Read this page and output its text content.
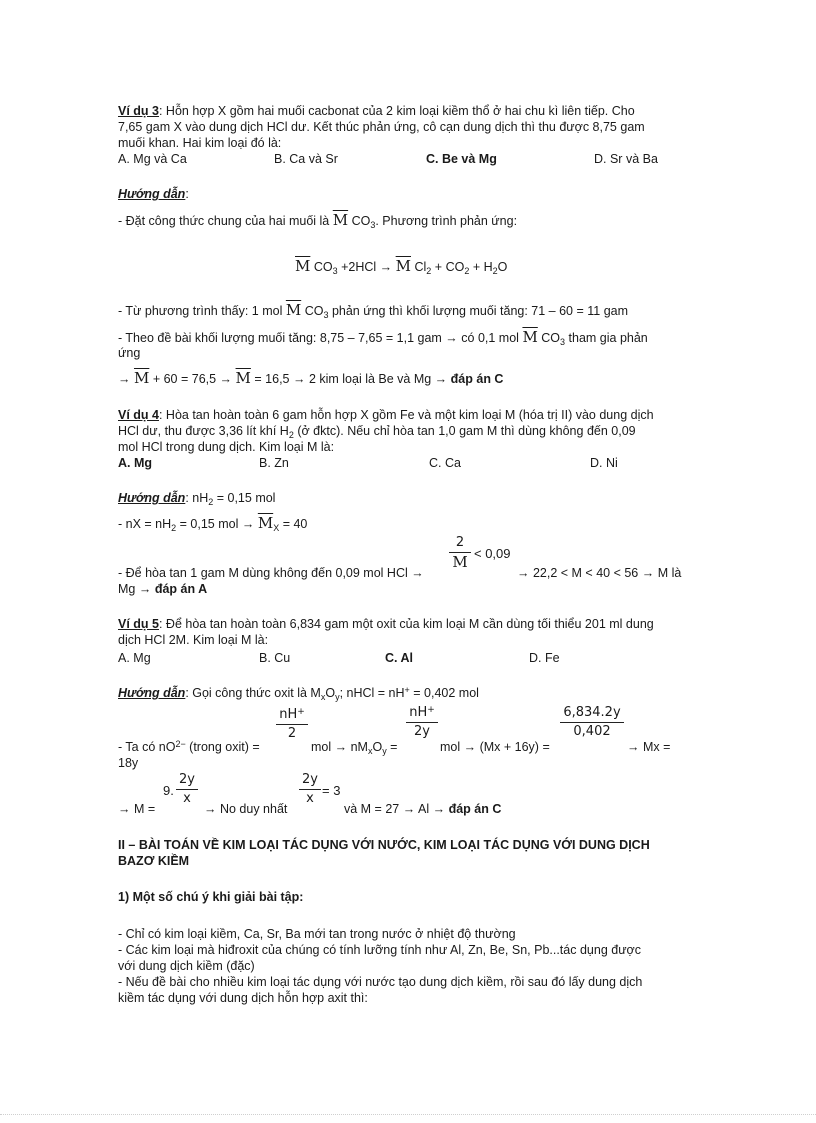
Ví dụ 3: Hỗn hợp X gồm hai muối cacbonat của 2 kim loại kiềm thổ ở hai chu kì liên tiếp. Cho
7,65 gam X vào dung dịch HCl dư. Kết thúc phản ứng, cô cạn dung dịch thì thu được 8,75 gam
muối khan. Hai kim loại đó là:
A. Mg và Ca	B. Ca và Sr	C. Be và Mg	D. Sr và Ba
Hướng dẫn:
- Đặt công thức chung của hai muối là $\overline{M}$ $CO_3$. Phương trình phản ứng:
$\overline{M}$ $CO_3 +2HCl \to \overline{M}$ $Cl_2 + CO_2 + H_2O$
- Từ phương trình thấy: 1 mol $\overline{M}$ $CO_3$ phản ứng thì khối lượng muối tăng: 71 – 60 = 11 gam
- Theo đề bài khối lượng muối tăng: 8,75 – 7,65 = 1,1 gam → có 0,1 mol $\overline{M}$ $CO_3$ tham gia phản
ứng
→ $\overline{M} + 60 = 76,5 \to \overline{M} = 16,5 \to 2$ kim loại là Be và Mg → đáp án C
Ví dụ 4: Hòa tan hoàn toàn 6 gam hỗn hợp X gồm Fe và một kim loại M (hóa trị II) vào dung dịch
HCl dư, thu được 3,36 lít khí $H_2$ (ở đktc). Nếu chỉ hòa tan 1,0 gam M thì dùng không đến 0,09
mol HCl trong dung dịch. Kim loại M là:
A. Mg	B. Zn	C. Ca	D. Ni
Hướng dẫn: $nH_2 = 0,15$ mol
- nX = $nH_2 = 0,15$ mol → $\overline{M}_X = 40$
2
M < 0,09
- Để hòa tan 1 gam M dùng không đến 0,09 mol HCl →	→ 22,2 < M < 40 < 56 → M là
Mg → đáp án A
Ví dụ 5: Để hòa tan hoàn toàn 6,834 gam một oxit của kim loại M cần dùng tối thiểu 201 ml dung
dịch HCl 2M. Kim loại M là:
A. Mg	B. Cu	C. Al	D. Fe
Hướng dẫn: Gọi công thức oxit là $M_xO_y$; nHCl = nH+ = 0,402 mol
nH+
2
nH+
2y
6,834.2y
0,402
- Ta có $nO^{2-}$ (trong oxit) =	mol → $nM_xO_y$ =	mol → (Mx + 16y) =	→ Mx =
18y
9.
2y
x
2y
x
= 3
→ M =	→ No duy nhất	và M = 27 → Al → đáp án C
II – BÀI TOÁN VỀ KIM LOẠI TÁC DỤNG VỚI NƯỚC, KIM LOẠI TÁC DỤNG VỚI DUNG DỊCH
BAZƠ KIỀM
1) Một số chú ý khi giải bài tập:
- Chỉ có kim loại kiềm, Ca, Sr, Ba mới tan trong nước ở nhiệt độ thường
- Các kim loại mà hiđroxit của chúng có tính lưỡng tính như Al, Zn, Be, Sn, Pb...tác dụng được
với dung dịch kiềm (đặc)
- Nếu đề bài cho nhiều kim loại tác dụng với nước tạo dung dịch kiềm, rồi sau đó lấy dung dịch
kiềm tác dụng với dung dịch hỗn hợp axit thì:
